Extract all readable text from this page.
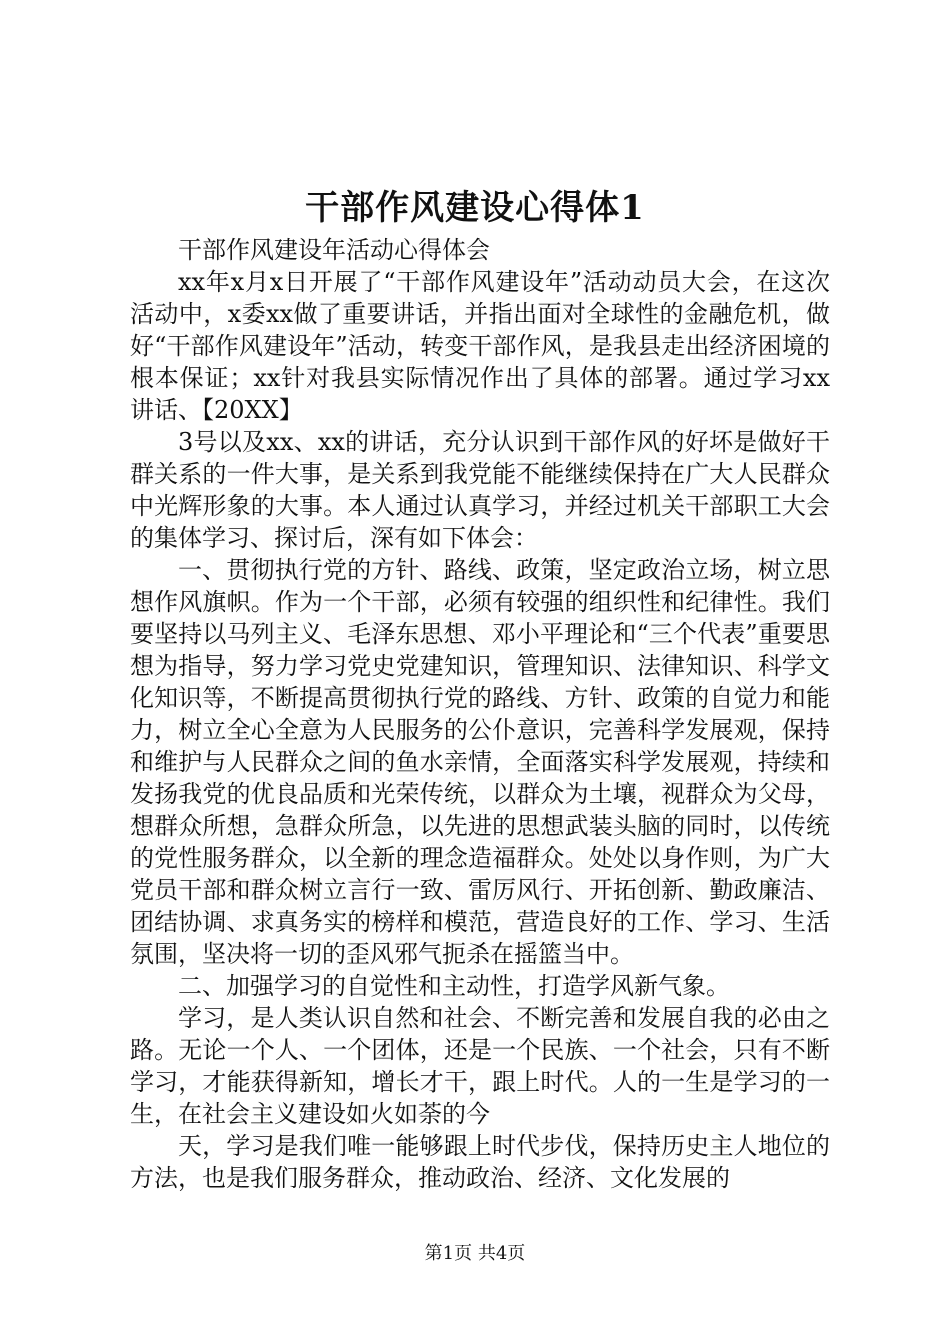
干部作风建设心得体1

干部作风建设年活动心得体会

xx年x月x日开展了“干部作风建设年”活动动员大会，在这次活动中，x委xx做了重要讲话，并指出面对全球性的金融危机，做好“干部作风建设年”活动，转变干部作风，是我县走出经济困境的根本保证；xx针对我县实际情况作出了具体的部署。通过学习xx讲话、【20XX】

3号以及xx、xx的讲话，充分认识到干部作风的好坏是做好干群关系的一件大事，是关系到我党能不能继续保持在广大人民群众中光辉形象的大事。本人通过认真学习，并经过机关干部职工大会的集体学习、探讨后，深有如下体会：

一、贯彻执行党的方针、路线、政策，坚定政治立场，树立思想作风旗帜。作为一个干部，必须有较强的组织性和纪律性。我们要坚持以马列主义、毛泽东思想、邓小平理论和“三个代表”重要思想为指导，努力学习党史党建知识，管理知识、法律知识、科学文化知识等，不断提高贯彻执行党的路线、方针、政策的自觉力和能力，树立全心全意为人民服务的公仆意识，完善科学发展观，保持和维护与人民群众之间的鱼水亲情，全面落实科学发展观，持续和发扬我党的优良品质和光荣传统，以群众为土壤，视群众为父母，想群众所想，急群众所急，以先进的思想武装头脑的同时，以传统的党性服务群众，以全新的理念造福群众。处处以身作则，为广大党员干部和群众树立言行一致、雷厉风行、开拓创新、勤政廉洁、团结协调、求真务实的榜样和模范，营造良好的工作、学习、生活氛围，坚决将一切的歪风邪气扼杀在摇篮当中。

二、加强学习的自觉性和主动性，打造学风新气象。

学习，是人类认识自然和社会、不断完善和发展自我的必由之路。无论一个人、一个团体，还是一个民族、一个社会，只有不断学习，才能获得新知，增长才干，跟上时代。人的一生是学习的一生，在社会主义建设如火如荼的今

天，学习是我们唯一能够跟上时代步伐，保持历史主人地位的方法，也是我们服务群众，推动政治、经济、文化发展的

第1页 共4页
